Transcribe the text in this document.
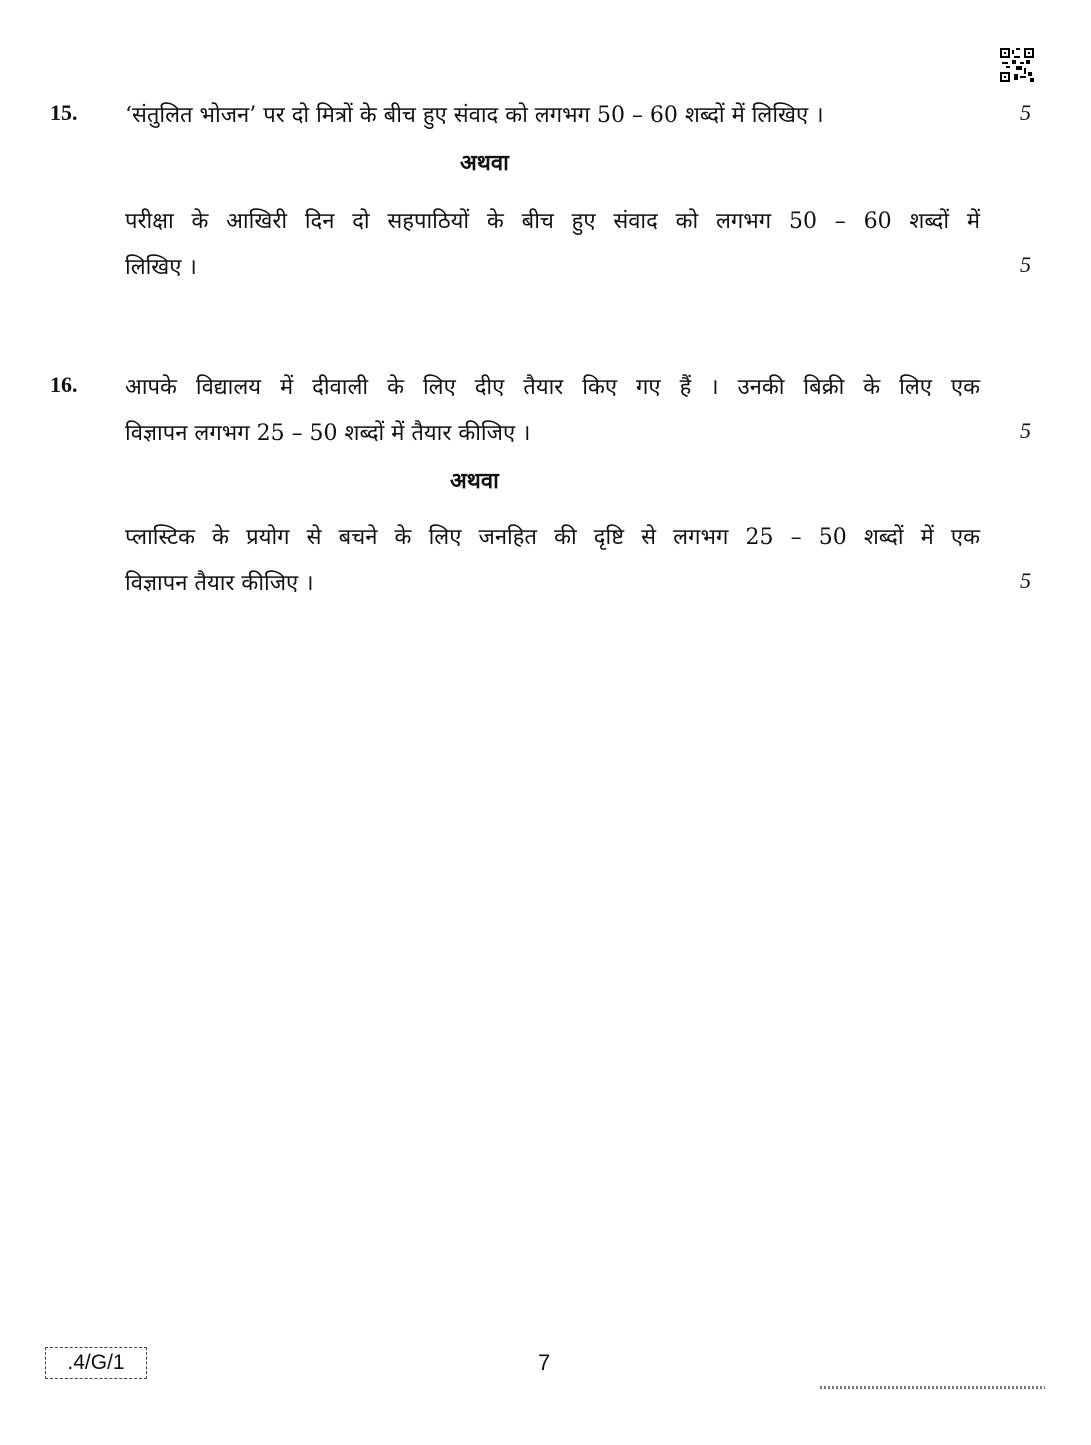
15. ‘संतुलित भोजन’ पर दो मित्रों के बीच हुए संवाद को लगभग 50 – 60 शब्दों में लिखिए ।	5
अथवा
परीक्षा के आखिरी दिन दो सहपाठियों के बीच हुए संवाद को लगभग 50 – 60 शब्दों में
लिखिए ।	5
16. आपके विद्यालय में दीवाली के लिए दीए तैयार किए गए हैं । उनकी बिक्री के लिए एक
विज्ञापन लगभग 25 – 50 शब्दों में तैयार कीजिए ।	5
अथवा
प्लास्टिक के प्रयोग से बचने के लिए जनहित की दृष्टि से लगभग 25 – 50 शब्दों में एक
विज्ञापन तैयार कीजिए ।	5
.4/G/1	7
